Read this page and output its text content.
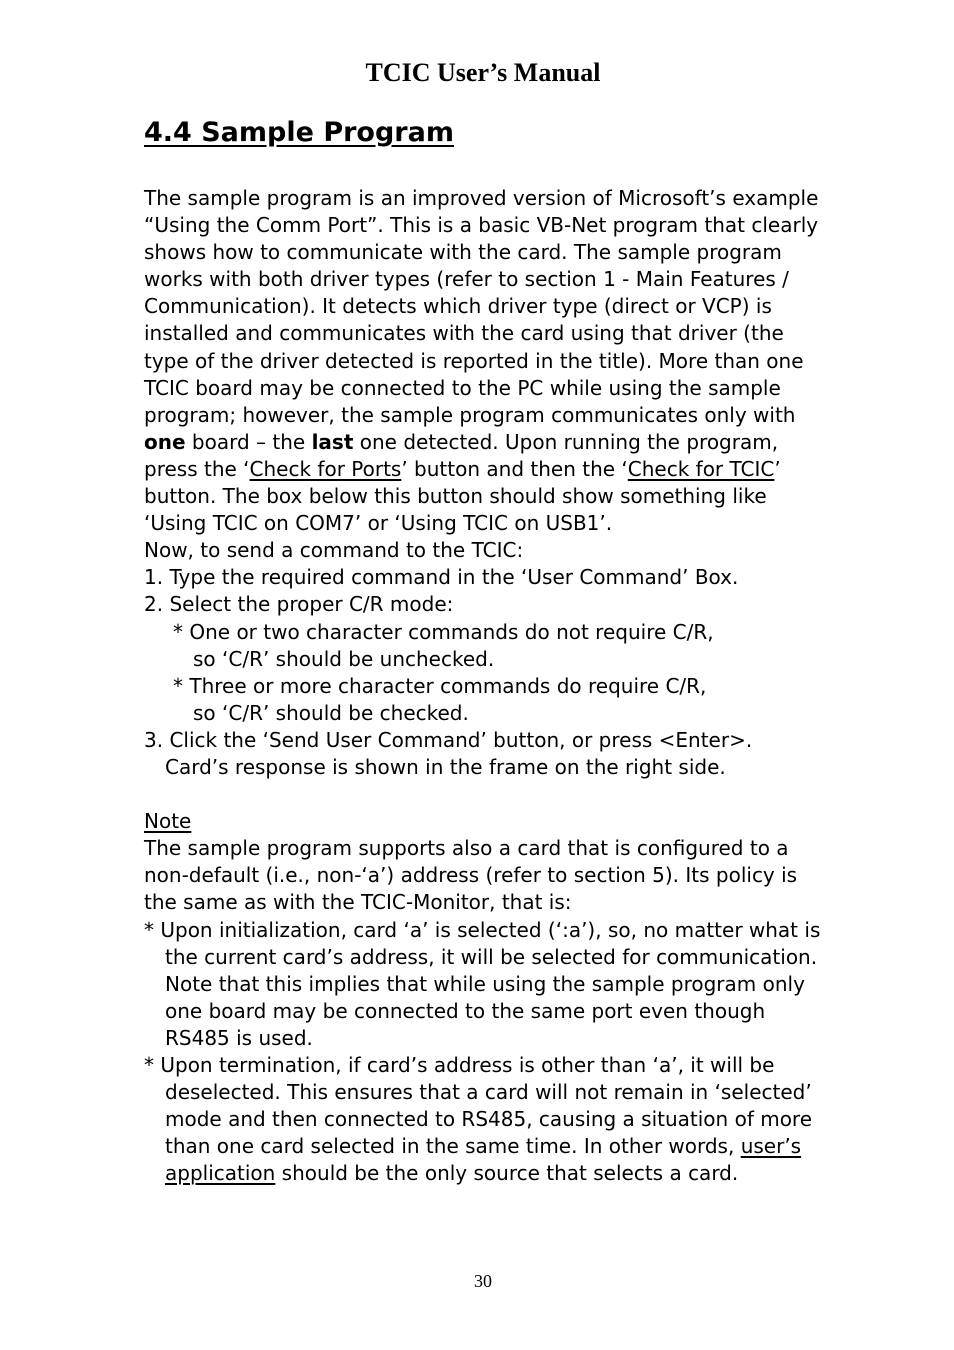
TCIC User’s Manual
4.4 Sample Program
The sample program is an improved version of Microsoft’s example
“Using the Comm Port”. This is a basic VB-Net program that clearly
shows how to communicate with the card. The sample program
works with both driver types (refer to section 1 - Main Features /
Communication). It detects which driver type (direct or VCP) is
installed and communicates with the card using that driver (the
type of the driver detected is reported in the title). More than one
TCIC board may be connected to the PC while using the sample
program; however, the sample program communicates only with
one board – the last one detected. Upon running the program,
press the ‘Check for Ports’ button and then the ‘Check for TCIC’
button. The box below this button should show something like
‘Using TCIC on COM7’ or ‘Using TCIC on USB1’.
Now, to send a command to the TCIC:
1. Type the required command in the ‘User Command’ Box.
2. Select the proper C/R mode:
* One or two character commands do not require C/R,
so ‘C/R’ should be unchecked.
* Three or more character commands do require C/R,
so ‘C/R’ should be checked.
3. Click the ‘Send User Command’ button, or press <Enter>.
Card’s response is shown in the frame on the right side.
Note
The sample program supports also a card that is configured to a
non-default (i.e., non-‘a’) address (refer to section 5). Its policy is
the same as with the TCIC-Monitor, that is:
* Upon initialization, card ‘a’ is selected (‘:a’), so, no matter what is
the current card’s address, it will be selected for communication.
Note that this implies that while using the sample program only
one board may be connected to the same port even though
RS485 is used.
* Upon termination, if card’s address is other than ‘a’, it will be
deselected. This ensures that a card will not remain in ‘selected’
mode and then connected to RS485, causing a situation of more
than one card selected in the same time. In other words, user’s
application should be the only source that selects a card.
30
